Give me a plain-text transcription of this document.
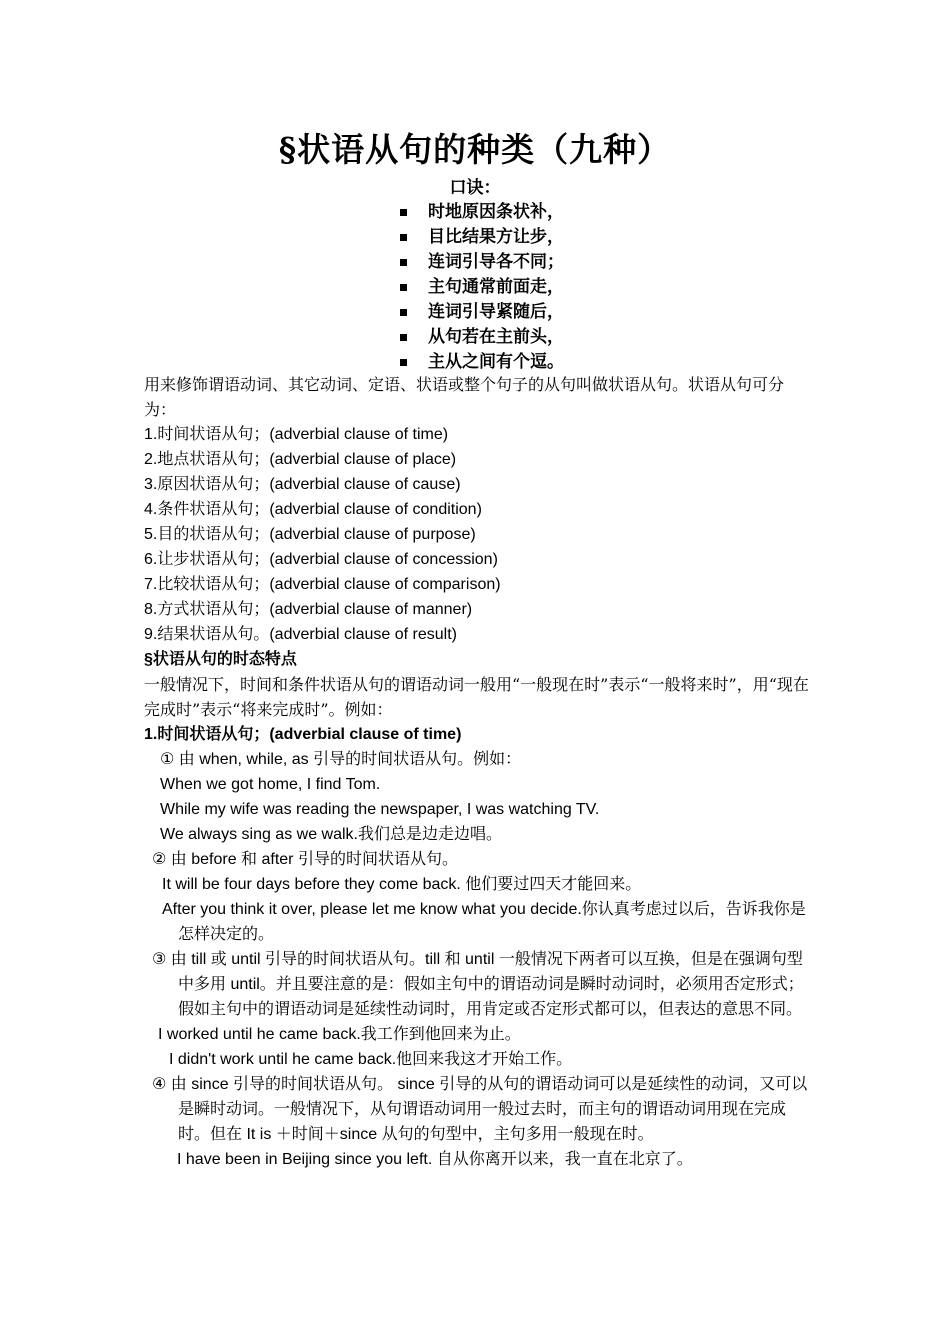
§状语从句的种类（九种）
口诀：
时地原因条状补，
目比结果方让步，
连词引导各不同；
主句通常前面走，
连词引导紧随后，
从句若在主前头，
主从之间有个逗。
用来修饰谓语动词、其它动词、定语、状语或整个句子的从句叫做状语从句。状语从句可分为：
1.时间状语从句；(adverbial clause of time)
2.地点状语从句；(adverbial clause of place)
3.原因状语从句；(adverbial clause of cause)
4.条件状语从句；(adverbial clause of condition)
5.目的状语从句；(adverbial clause of purpose)
6.让步状语从句；(adverbial clause of concession)
7.比较状语从句；(adverbial clause of comparison)
8.方式状语从句；(adverbial clause of manner)
9.结果状语从句。(adverbial clause of result)
§状语从句的时态特点
一般情况下，时间和条件状语从句的谓语动词一般用“一般现在时”表示“一般将来时”，用“现在完成时”表示“将来完成时”。例如：
1.时间状语从句；(adverbial clause of time)
① 由 when, while, as 引导的时间状语从句。例如：
When we got home, I find Tom.
While my wife was reading the newspaper, I was watching TV.
We always sing as we walk.我们总是边走边唱。
② 由 before 和 after 引导的时间状语从句。
It will be four days before they come back. 他们要过四天才能回来。
After you think it over, please let me know what you decide.你认真考虑过以后，告诉我你是怎样决定的。
③ 由 till 或 until 引导的时间状语从句。till 和 until 一般情况下两者可以互换，但是在强调句型中多用 until。并且要注意的是：假如主句中的谓语动词是瞬时动词时，必须用否定形式；假如主句中的谓语动词是延续性动词时，用肯定或否定形式都可以，但表达的意思不同。
I worked until he came back.我工作到他回来为止。
I didn't work until he came back.他回来我这才开始工作。
④ 由 since 引导的时间状语从句。 since 引导的从句的谓语动词可以是延续性的动词，又可以是瞬时动词。一般情况下，从句谓语动词用一般过去时，而主句的谓语动词用现在完成时。但在 It is ＋时间＋since 从句的句型中，主句多用一般现在时。
I have been in Beijing since you left. 自从你离开以来，我一直在北京了。
